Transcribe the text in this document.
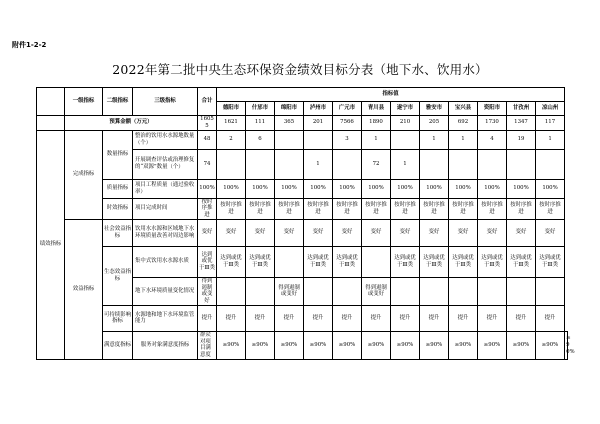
附件1-2-2
2022年第二批中央生态环保资金绩效目标分表（地下水、饮用水）
	一级指标	二级指标	三级指标	合计	指标值												
					德阳市	什邡市	绵阳市	泸州市	广元市	青川县	遂宁市	雅安市	宝兴县	资阳市	甘孜州	凉山州	
	预算金额（万元）			16055	1621	111	365	201	7566	1890	210	205	692	1730	1347	117	
绩效指标	完成指标	数量指标	整治的饮用水水源地数量（个）	48	2	6			3	1		1	1	4	19	1	
			开展调查评估或治理修复的“双源”数量（个）	74				1		72	1						
		质量指标	项目工程质量（通过验收率）	100%	100%	100%	100%	100%	100%	100%	100%	100%	100%	100%	100%	100%	
		时效指标	项目完成时间	按时序推进	按时序推进	按时序推进	按时序推进	按时序推进	按时序推进	按时序推进	按时序推进	按时序推进	按时序推进	按时序推进	按时序推进	按时序推进	
	效益指标	社会效益指标	饮用水水源和区域地下水环境质量改善对周边影响	变好	变好	变好	变好	变好	变好	变好	变好	变好	变好	变好	变好	变好	
		生态效益指标	集中式饮用水水源水质	达到或优于Ⅲ类	达到或优于Ⅲ类	达到或优于Ⅲ类		达到或优于Ⅲ类	达到或优于Ⅲ类		达到或优于Ⅲ类	达到或优于Ⅲ类	达到或优于Ⅲ类	达到或优于Ⅲ类	达到或优于Ⅲ类	达到或优于Ⅲ类	
			地下水环境质量变化情况	得到遏制或变好			得到遏制或变好			得到遏制或变好							
		可持续影响指标	水源地和地下水环境监管能力	提升	提升	提升	提升	提升	提升	提升	提升	提升	提升	提升	提升	提升	
		满意度指标	服务对象满意度指标	群众对项目满意度	≥90%	≥90%	≥90%	≥90%	≥90%	≥90%	≥90%	≥90%	≥90%	≥90%	≥90%	≥90%	≥90%
